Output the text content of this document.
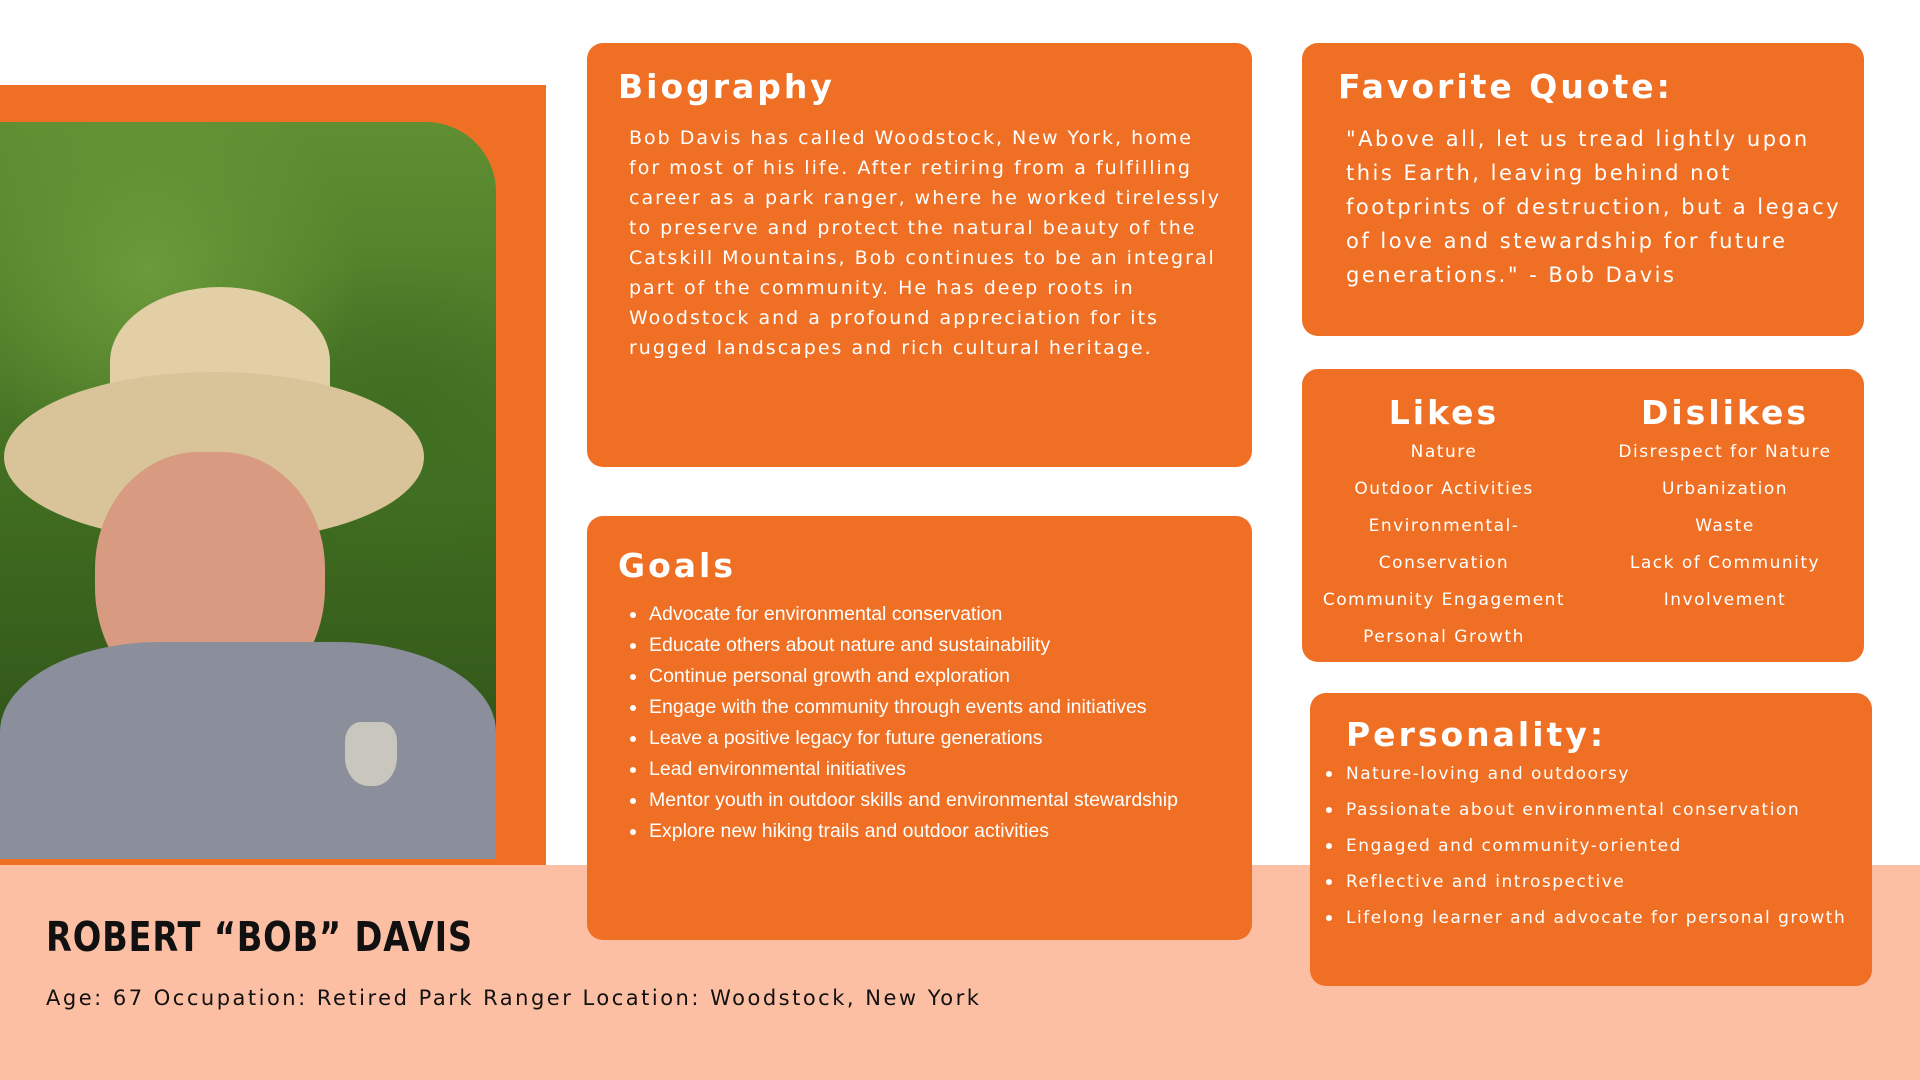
Biography

Bob Davis has called Woodstock, New York, home for most of his life. After retiring from a fulfilling career as a park ranger, where he worked tirelessly to preserve and protect the natural beauty of the Catskill Mountains, Bob continues to be an integral part of the community. He has deep roots in Woodstock and a profound appreciation for its rugged landscapes and rich cultural heritage.

Goals
Advocate for environmental conservation
Educate others about nature and sustainability
Continue personal growth and exploration
Engage with the community through events and initiatives
Leave a positive legacy for future generations
Lead environmental initiatives
Mentor youth in outdoor skills and environmental stewardship
Explore new hiking trails and outdoor activities
Favorite Quote:

"Above all, let us tread lightly upon this Earth, leaving behind not footprints of destruction, but a legacy of love and stewardship for future generations." - Bob Davis

Likes
Nature
Outdoor Activities
Environmental-
Conservation
Community Engagement
Personal Growth
Dislikes
Disrespect for Nature
Urbanization
Waste
Lack of Community
Involvement
Personality:
Nature-loving and outdoorsy
Passionate about environmental conservation
Engaged and community-oriented
Reflective and introspective
Lifelong learner and advocate for personal growth
ROBERT “BOB” DAVIS
Age: 67 Occupation: Retired Park Ranger Location: Woodstock, New York
